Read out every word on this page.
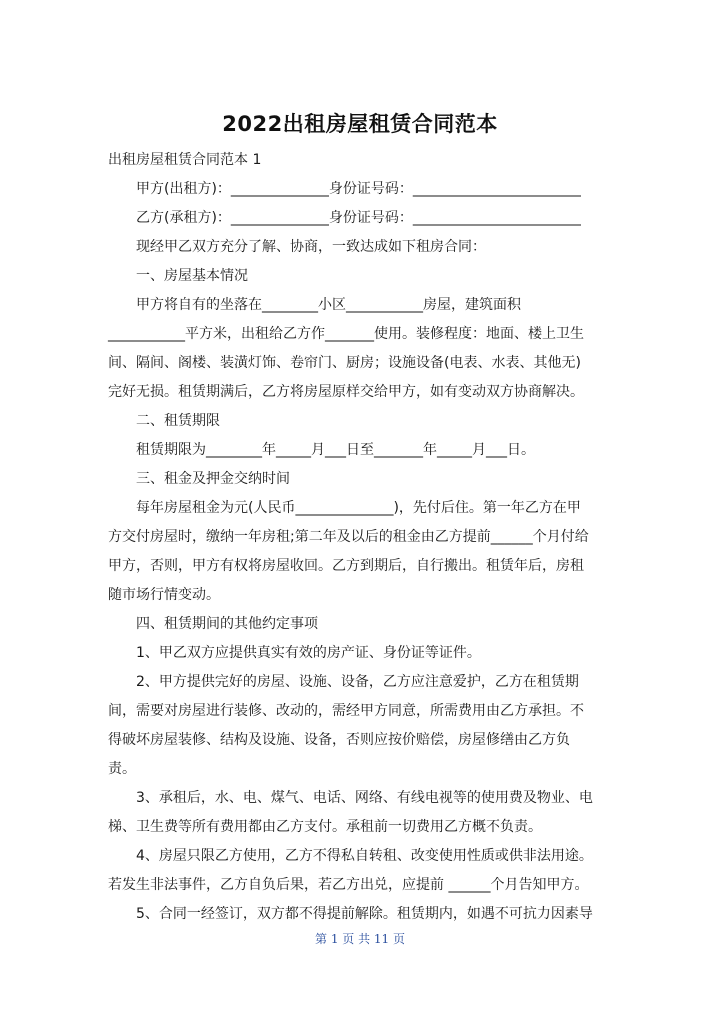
2022出租房屋租赁合同范本
出租房屋租赁合同范本 1
甲方(出租方)：______________身份证号码：________________________
乙方(承租方)：______________身份证号码：________________________
现经甲乙双方充分了解、协商，一致达成如下租房合同：
一、房屋基本情况
甲方将自有的坐落在________小区___________房屋，建筑面积
___________平方米，出租给乙方作_______使用。装修程度：地面、楼上卫生
间、隔间、阁楼、装潢灯饰、卷帘门、厨房；设施设备(电表、水表、其他无)
完好无损。租赁期满后，乙方将房屋原样交给甲方，如有变动双方协商解决。
二、租赁期限
租赁期限为________年_____月___日至_______年_____月___日。
三、租金及押金交纳时间
每年房屋租金为元(人民币______________)，先付后住。第一年乙方在甲
方交付房屋时，缴纳一年房租;第二年及以后的租金由乙方提前______个月付给
甲方，否则，甲方有权将房屋收回。乙方到期后，自行搬出。租赁年后，房租
随市场行情变动。
四、租赁期间的其他约定事项
1、甲乙双方应提供真实有效的房产证、身份证等证件。
2、甲方提供完好的房屋、设施、设备，乙方应注意爱护，乙方在租赁期
间，需要对房屋进行装修、改动的，需经甲方同意，所需费用由乙方承担。不
得破坏房屋装修、结构及设施、设备，否则应按价赔偿，房屋修缮由乙方负
责。
3、承租后，水、电、煤气、电话、网络、有线电视等的使用费及物业、电
梯、卫生费等所有费用都由乙方支付。承租前一切费用乙方概不负责。
4、房屋只限乙方使用，乙方不得私自转租、改变使用性质或供非法用途。
若发生非法事件，乙方自负后果，若乙方出兑，应提前 ______个月告知甲方。
5、合同一经签订，双方都不得提前解除。租赁期内，如遇不可抗力因素导
第 1 页 共 11 页
